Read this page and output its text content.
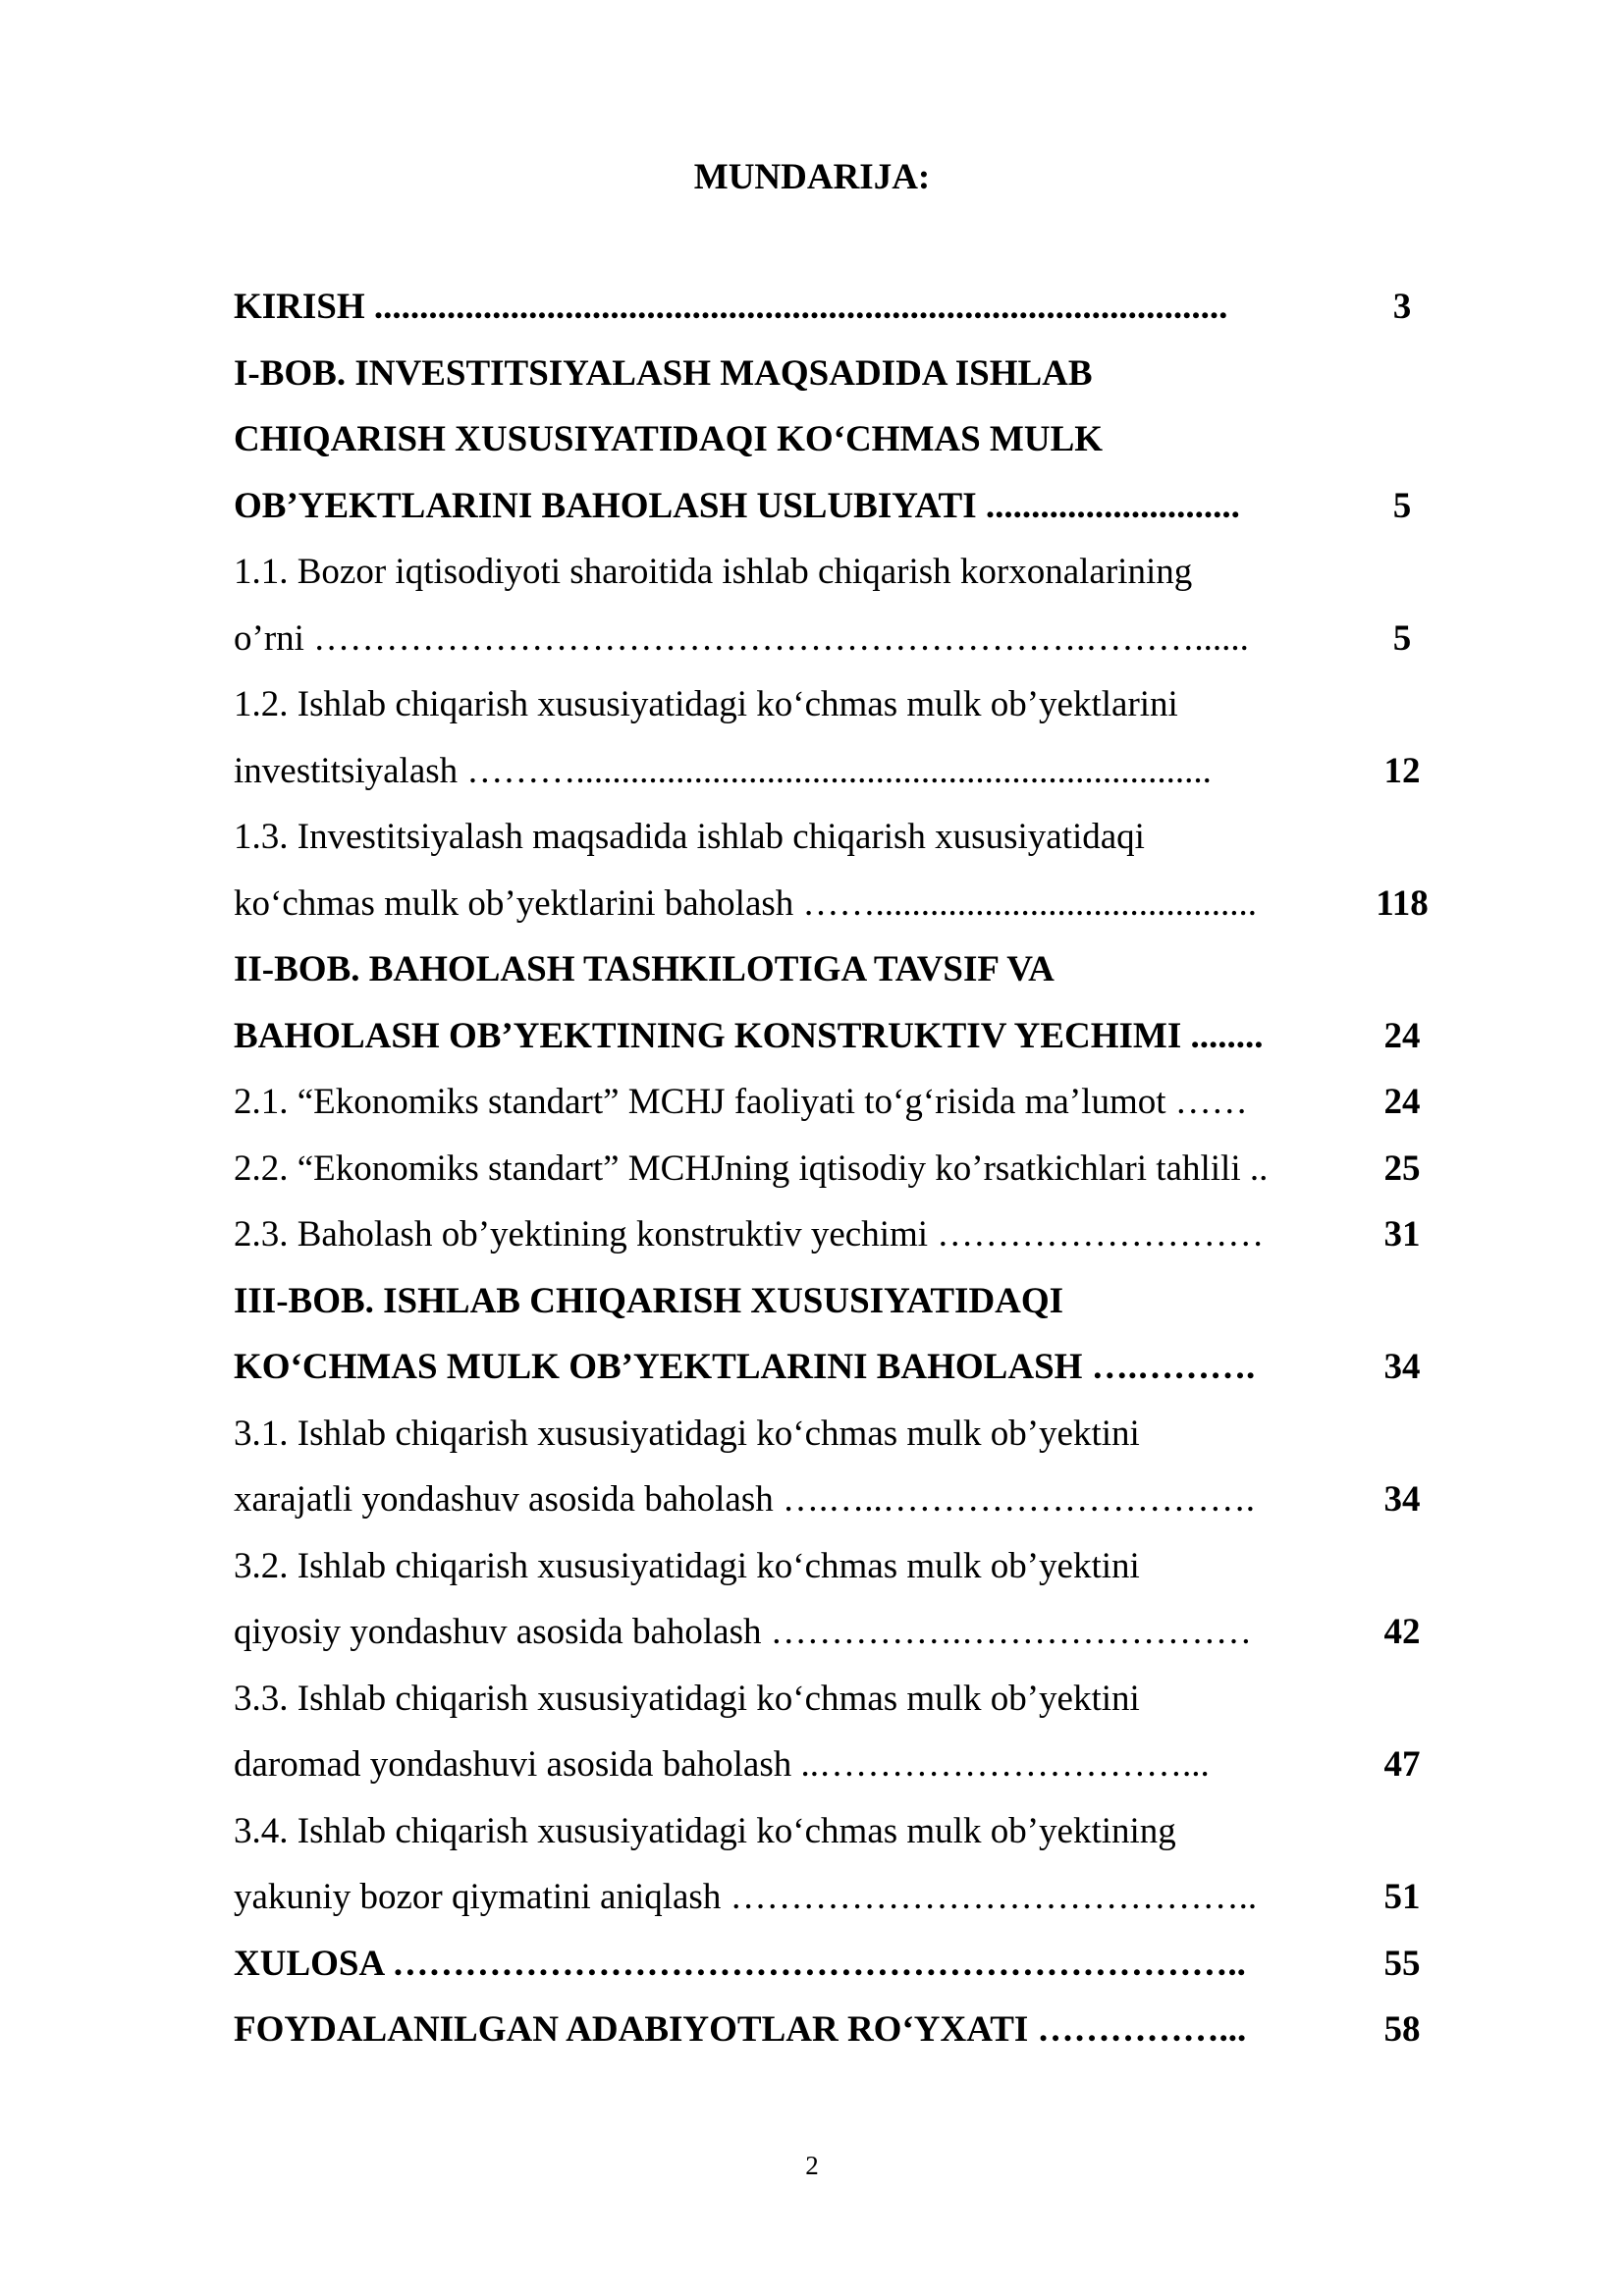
MUNDARIJA:
KIRISH ..............................................................................................	3
I-BOB. INVESTITSIYALASH MAQSADIDA ISHLAB
CHIQARISH XUSUSIYATIDAQI KOʻCHMAS MULK
OB’YEKTLARINI BAHOLASH USLUBIYATI ............................	5
1.1. Bozor iqtisodiyoti sharoitida ishlab chiqarish korxonalarining
o’rni ……………………………………………………….………......	5
1.2. Ishlab chiqarish xususiyatidagi koʻchmas mulk ob’yektlarini
investitsiyalash ………......................................................................	12
1.3. Investitsiyalash maqsadida ishlab chiqarish xususiyatidaqi
koʻchmas mulk ob’yektlarini baholash ……..........................................	118
II-BOB. BAHOLASH TASHKILOTIGA TAVSIF VA
BAHOLASH OB’YEKTINING KONSTRUKTIV YECHIMI ........	24
2.1. “Ekonomiks standart” MCHJ faoliyati toʻgʻrisida ma’lumot ……	24
2.2. “Ekonomiks standart” MCHJning iqtisodiy ko’rsatkichlari tahlili ..	25
2.3. Baholash ob’yektining konstruktiv yechimi ………………………	31
III-BOB. ISHLAB CHIQARISH XUSUSIYATIDAQI
KOʻCHMAS MULK OB’YEKTLARINI BAHOLASH ….……….	34
3.1. Ishlab chiqarish xususiyatidagi koʻchmas mulk ob’yektini
xarajatli yondashuv asosida baholash ….…..………………………….	34
3.2. Ishlab chiqarish xususiyatidagi koʻchmas mulk ob’yektini
qiyosiy yondashuv asosida baholash …………….……………………	42
3.3. Ishlab chiqarish xususiyatidagi koʻchmas mulk ob’yektini
daromad yondashuvi asosida baholash ..…………………………...	47
3.4. Ishlab chiqarish xususiyatidagi koʻchmas mulk ob’yektining
yakuniy bozor qiymatini aniqlash ……………………………………..	51
XULOSA ……………………………………………………………..	55
FOYDALANILGAN ADABIYOTLAR ROʻYXATI ……………...	58
2
